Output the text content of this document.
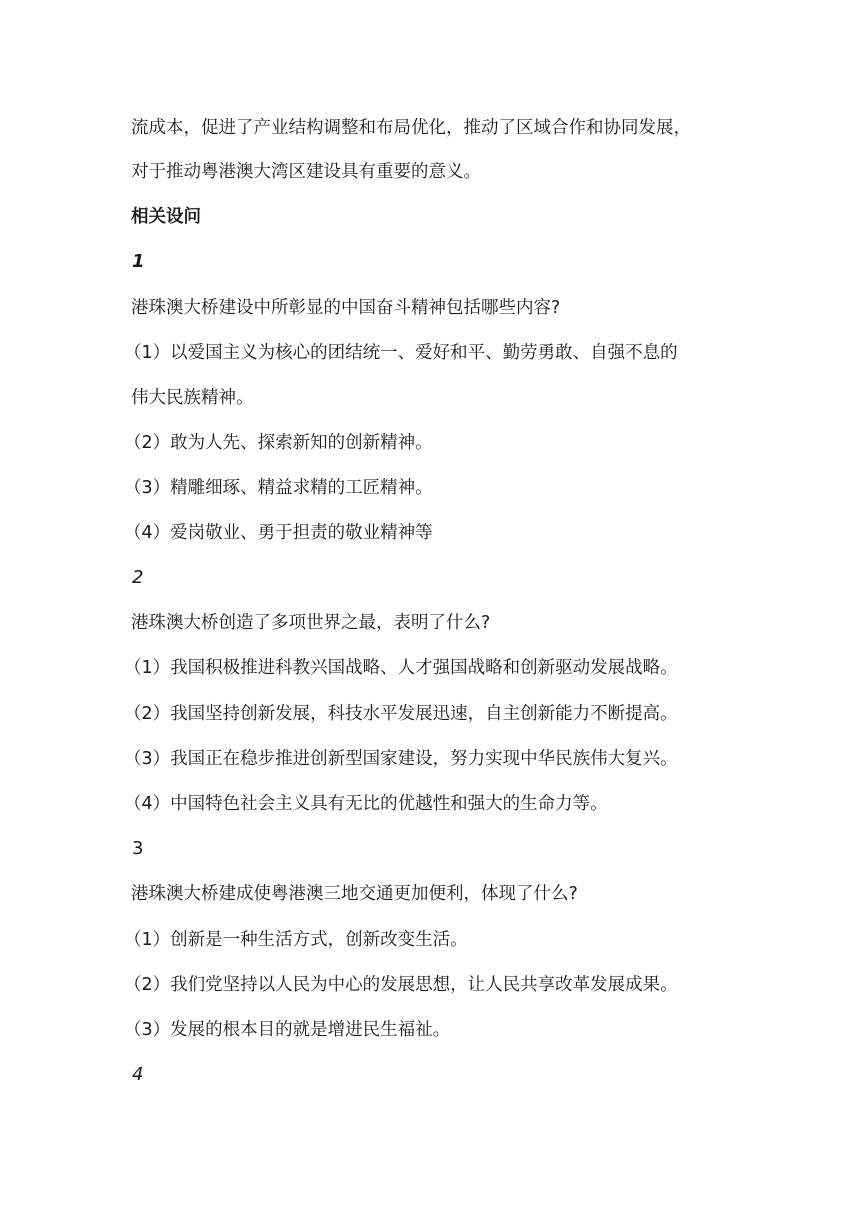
流成本，促进了产业结构调整和布局优化，推动了区域合作和协同发展，
对于推动粤港澳大湾区建设具有重要的意义。
相关设问
1
港珠澳大桥建设中所彰显的中国奋斗精神包括哪些内容?
（1）以爱国主义为核心的团结统一、爱好和平、勤劳勇敢、自强不息的
伟大民族精神。
（2）敢为人先、探索新知的创新精神。
（3）精雕细琢、精益求精的工匠精神。
（4）爱岗敬业、勇于担责的敬业精神等
2
港珠澳大桥创造了多项世界之最，表明了什么?
（1）我国积极推进科教兴国战略、人才强国战略和创新驱动发展战略。
（2）我国坚持创新发展，科技水平发展迅速，自主创新能力不断提高。
（3）我国正在稳步推进创新型国家建设，努力实现中华民族伟大复兴。
（4）中国特色社会主义具有无比的优越性和强大的生命力等。
3
港珠澳大桥建成使粤港澳三地交通更加便利，体现了什么?
（1）创新是一种生活方式，创新改变生活。
（2）我们党坚持以人民为中心的发展思想，让人民共享改革发展成果。
（3）发展的根本目的就是增进民生福祉。
4
